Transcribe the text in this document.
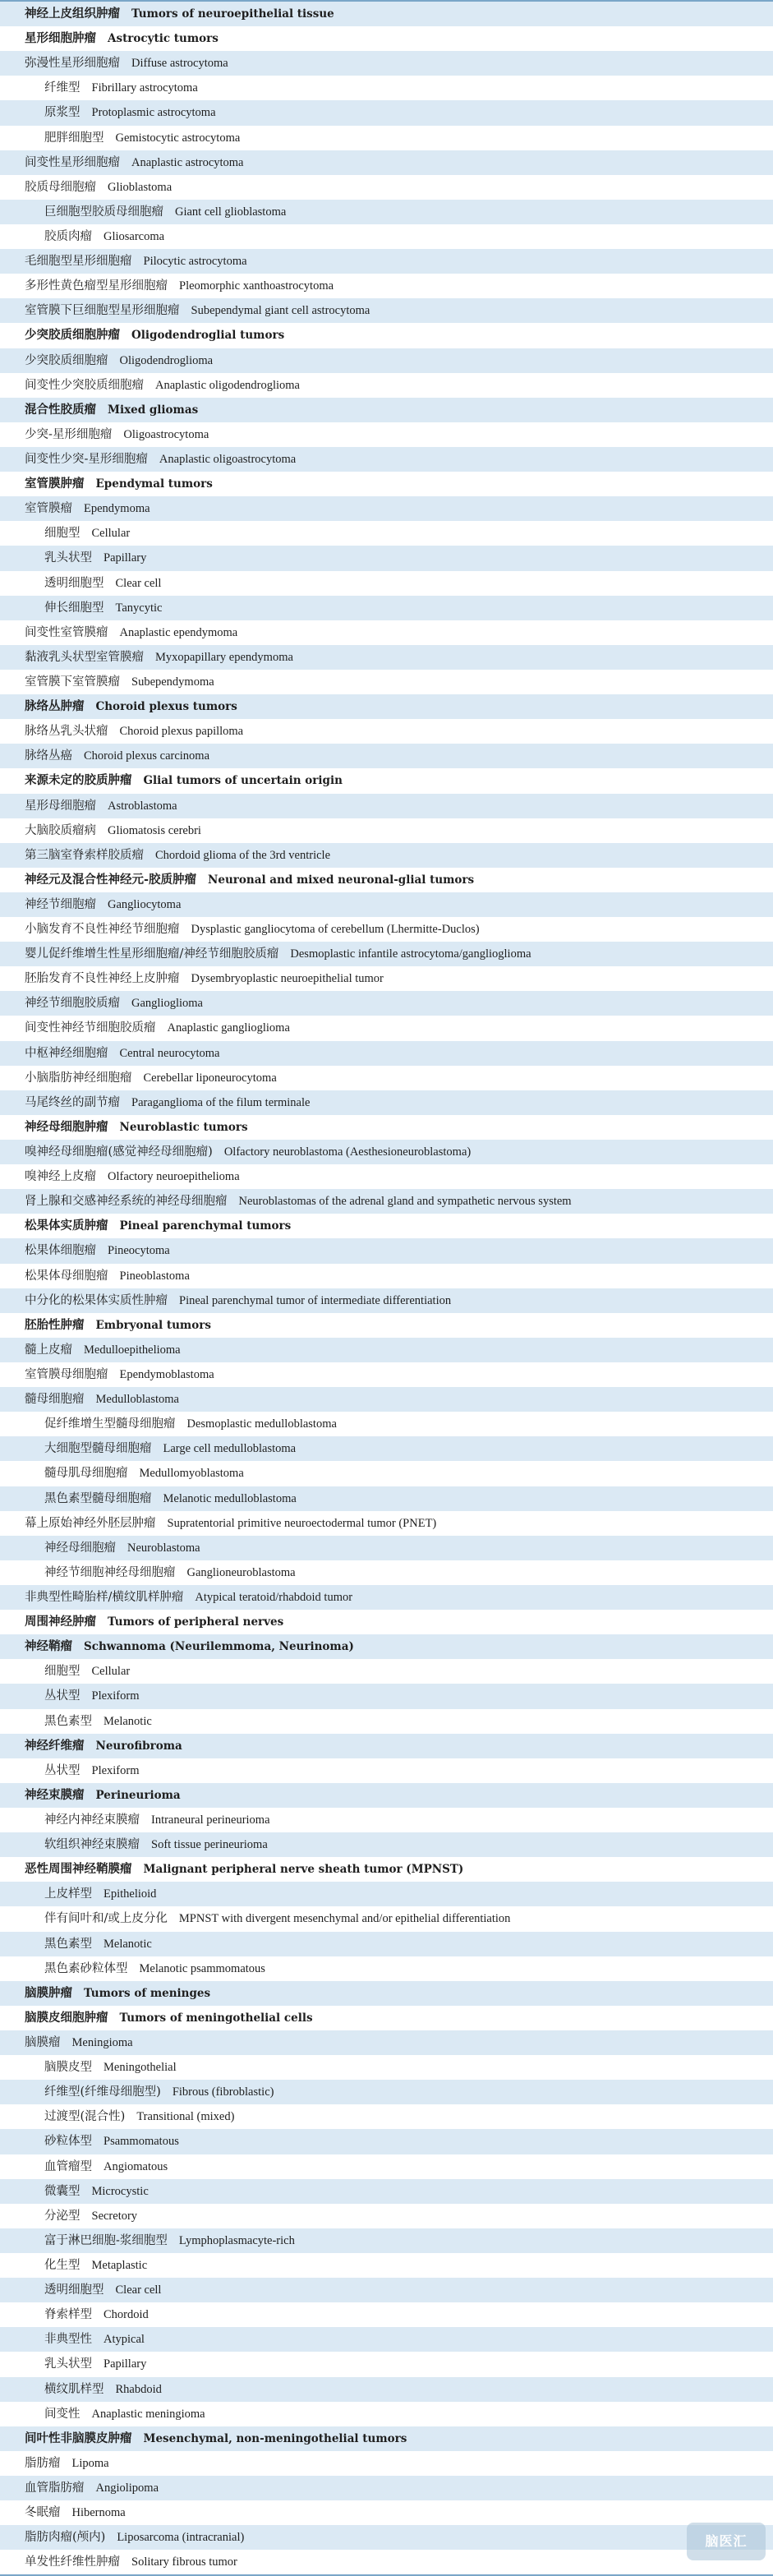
神经上皮组织肿瘤 Tumors of neuroepithelial tissue
星形细胞肿瘤 Astrocytic tumors
弥漫性星形细胞瘤 Diffuse astrocytoma
纤维型 Fibrillary astrocytoma
原浆型 Protoplasmic astrocytoma
肥胖细胞型 Gemistocytic astrocytoma
间变性星形细胞瘤 Anaplastic astrocytoma
胶质母细胞瘤 Glioblastoma
巨细胞型胶质母细胞瘤 Giant cell glioblastoma
胶质肉瘤 Gliosarcoma
毛细胞型星形细胞瘤 Pilocytic astrocytoma
多形性黄色瘤型星形细胞瘤 Pleomorphic xanthoastrocytoma
室管膜下巨细胞型星形细胞瘤 Subependymal giant cell astrocytoma
少突胶质细胞肿瘤 Oligodendroglial tumors
少突胶质细胞瘤 Oligodendroglioma
间变性少突胶质细胞瘤 Anaplastic oligodendroglioma
混合性胶质瘤 Mixed gliomas
少突-星形细胞瘤 Oligoastrocytoma
间变性少突-星形细胞瘤 Anaplastic oligoastrocytoma
室管膜肿瘤 Ependymal tumors
室管膜瘤 Ependymoma
细胞型 Cellular
乳头状型 Papillary
透明细胞型 Clear cell
伸长细胞型 Tanycytic
间变性室管膜瘤 Anaplastic ependymoma
黏液乳头状型室管膜瘤 Myxopapillary ependymoma
室管膜下室管膜瘤 Subependymoma
脉络丛肿瘤 Choroid plexus tumors
脉络丛乳头状瘤 Choroid plexus papilloma
脉络丛癌 Choroid plexus carcinoma
来源未定的胶质肿瘤 Glial tumors of uncertain origin
星形母细胞瘤 Astroblastoma
大脑胶质瘤病 Gliomatosis cerebri
第三脑室脊索样胶质瘤 Chordoid glioma of the 3rd ventricle
神经元及混合性神经元-胶质肿瘤 Neuronal and mixed neuronal-glial tumors
神经节细胞瘤 Gangliocytoma
小脑发育不良性神经节细胞瘤 Dysplastic gangliocytoma of cerebellum (Lhermitte-Duclos)
婴儿促纤维增生性星形细胞瘤/神经节细胞胶质瘤 Desmoplastic infantile astrocytoma/ganglioglioma
胚胎发育不良性神经上皮肿瘤 Dysembryoplastic neuroepithelial tumor
神经节细胞胶质瘤 Ganglioglioma
间变性神经节细胞胶质瘤 Anaplastic ganglioglioma
中枢神经细胞瘤 Central neurocytoma
小脑脂肪神经细胞瘤 Cerebellar liponeurocytoma
马尾终丝的副节瘤 Paraganglioma of the filum terminale
神经母细胞肿瘤 Neuroblastic tumors
嗅神经母细胞瘤(感觉神经母细胞瘤) Olfactory neuroblastoma (Aesthesioneuroblastoma)
嗅神经上皮瘤 Olfactory neuroepithelioma
肾上腺和交感神经系统的神经母细胞瘤 Neuroblastomas of the adrenal gland and sympathetic nervous system
松果体实质肿瘤 Pineal parenchymal tumors
松果体细胞瘤 Pineocytoma
松果体母细胞瘤 Pineoblastoma
中分化的松果体实质性肿瘤 Pineal parenchymal tumor of intermediate differentiation
胚胎性肿瘤 Embryonal tumors
髓上皮瘤 Medulloepithelioma
室管膜母细胞瘤 Ependymoblastoma
髓母细胞瘤 Medulloblastoma
促纤维增生型髓母细胞瘤 Desmoplastic medulloblastoma
大细胞型髓母细胞瘤 Large cell medulloblastoma
髓母肌母细胞瘤 Medullomyoblastoma
黑色素型髓母细胞瘤 Melanotic medulloblastoma
幕上原始神经外胚层肿瘤 Supratentorial primitive neuroectodermal tumor (PNET)
神经母细胞瘤 Neuroblastoma
神经节细胞神经母细胞瘤 Ganglioneuroblastoma
非典型性畸胎样/横纹肌样肿瘤 Atypical teratoid/rhabdoid tumor
周围神经肿瘤 Tumors of peripheral nerves
神经鞘瘤 Schwannoma (Neurilemmoma, Neurinoma)
细胞型 Cellular
丛状型 Plexiform
黑色素型 Melanotic
神经纤维瘤 Neurofibroma
丛状型 Plexiform
神经束膜瘤 Perineurioma
神经内神经束膜瘤 Intraneural perineurioma
软组织神经束膜瘤 Soft tissue perineurioma
恶性周围神经鞘膜瘤 Malignant peripheral nerve sheath tumor (MPNST)
上皮样型 Epithelioid
伴有间叶和/或上皮分化 MPNST with divergent mesenchymal and/or epithelial differentiation
黑色素型 Melanotic
黑色素砂粒体型 Melanotic psammomatous
脑膜肿瘤 Tumors of meninges
脑膜皮细胞肿瘤 Tumors of meningothelial cells
脑膜瘤 Meningioma
脑膜皮型 Meningothelial
纤维型(纤维母细胞型) Fibrous (fibroblastic)
过渡型(混合性) Transitional (mixed)
砂粒体型 Psammomatous
血管瘤型 Angiomatous
微囊型 Microcystic
分泌型 Secretory
富于淋巴细胞-浆细胞型 Lymphoplasmacyte-rich
化生型 Metaplastic
透明细胞型 Clear cell
脊索样型 Chordoid
非典型性 Atypical
乳头状型 Papillary
横纹肌样型 Rhabdoid
间变性 Anaplastic meningioma
间叶性非脑膜皮肿瘤 Mesenchymal, non-meningothelial tumors
脂肪瘤 Lipoma
血管脂肪瘤 Angiolipoma
冬眠瘤 Hibernoma
脂肪肉瘤(颅内) Liposarcoma (intracranial)
单发性纤维性肿瘤 Solitary fibrous tumor
脑医汇
